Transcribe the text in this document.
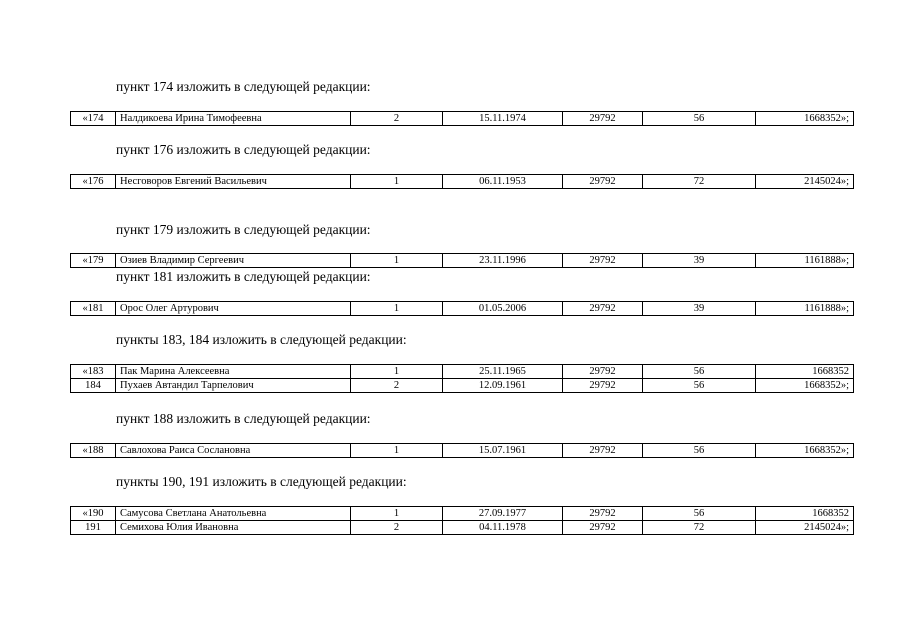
пункт 174 изложить в следующей редакции:
«174	Налдикоева Ирина Тимофеевна	2	15.11.1974	29792	56	1668352»;
пункт 176 изложить в следующей редакции:
«176	Несговоров Евгений Васильевич	1	06.11.1953	29792	72	2145024»;
пункт 179 изложить в следующей редакции:
«179	Озиев Владимир Сергеевич	1	23.11.1996	29792	39	1161888»;
пункт 181 изложить в следующей редакции:
«181	Орос Олег Артурович	1	01.05.2006	29792	39	1161888»;
пункты 183, 184 изложить в следующей редакции:
«183	Пак Марина Алексеевна	1	25.11.1965	29792	56	1668352
184	Пухаев Автандил Тарпелович	2	12.09.1961	29792	56	1668352»;
пункт 188 изложить в следующей редакции:
«188	Савлохова Раиса Сослановна	1	15.07.1961	29792	56	1668352»;
пункты 190, 191 изложить в следующей редакции:
«190	Самусова Светлана Анатольевна	1	27.09.1977	29792	56	1668352
191	Семихова Юлия Ивановна	2	04.11.1978	29792	72	2145024»;
